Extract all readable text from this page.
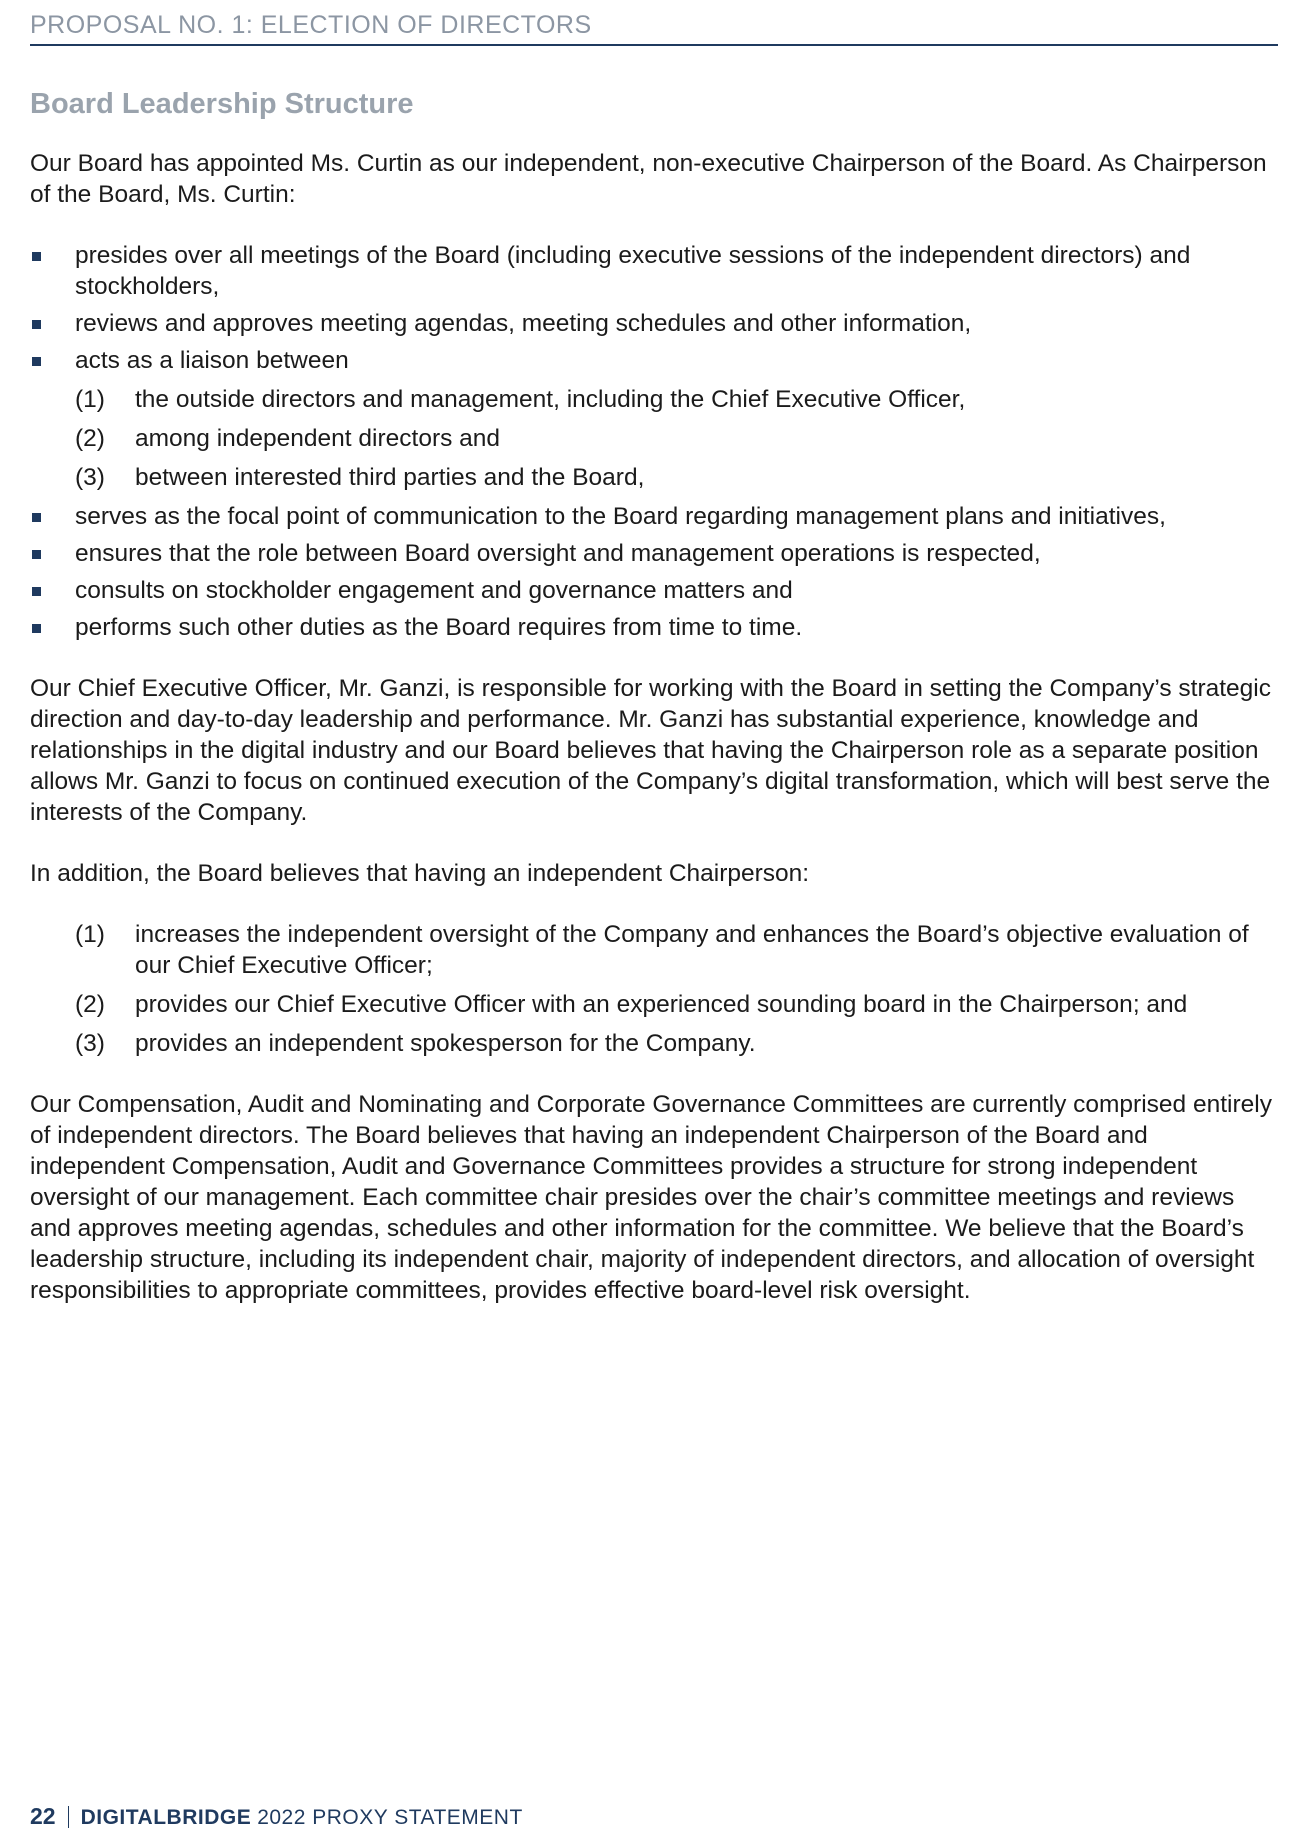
PROPOSAL NO. 1: ELECTION OF DIRECTORS
Board Leadership Structure

Our Board has appointed Ms. Curtin as our independent, non-executive Chairperson of the Board. As Chairperson of the Board, Ms. Curtin:

presides over all meetings of the Board (including executive sessions of the independent directors) and stockholders,
reviews and approves meeting agendas, meeting schedules and other information,
acts as a liaison between
(1) the outside directors and management, including the Chief Executive Officer,
(2) among independent directors and
(3) between interested third parties and the Board,
serves as the focal point of communication to the Board regarding management plans and initiatives,
ensures that the role between Board oversight and management operations is respected,
consults on stockholder engagement and governance matters and
performs such other duties as the Board requires from time to time.

Our Chief Executive Officer, Mr. Ganzi, is responsible for working with the Board in setting the Company’s strategic direction and day-to-day leadership and performance. Mr. Ganzi has substantial experience, knowledge and relationships in the digital industry and our Board believes that having the Chairperson role as a separate position allows Mr. Ganzi to focus on continued execution of the Company’s digital transformation, which will best serve the interests of the Company.

In addition, the Board believes that having an independent Chairperson:

(1) increases the independent oversight of the Company and enhances the Board’s objective evaluation of our Chief Executive Officer;
(2) provides our Chief Executive Officer with an experienced sounding board in the Chairperson; and
(3) provides an independent spokesperson for the Company.

Our Compensation, Audit and Nominating and Corporate Governance Committees are currently comprised entirely of independent directors. The Board believes that having an independent Chairperson of the Board and independent Compensation, Audit and Governance Committees provides a structure for strong independent oversight of our management. Each committee chair presides over the chair’s committee meetings and reviews and approves meeting agendas, schedules and other information for the committee. We believe that the Board’s leadership structure, including its independent chair, majority of independent directors, and allocation of oversight responsibilities to appropriate committees, provides effective board-level risk oversight.

22 DIGITALBRIDGE 2022 PROXY STATEMENT
